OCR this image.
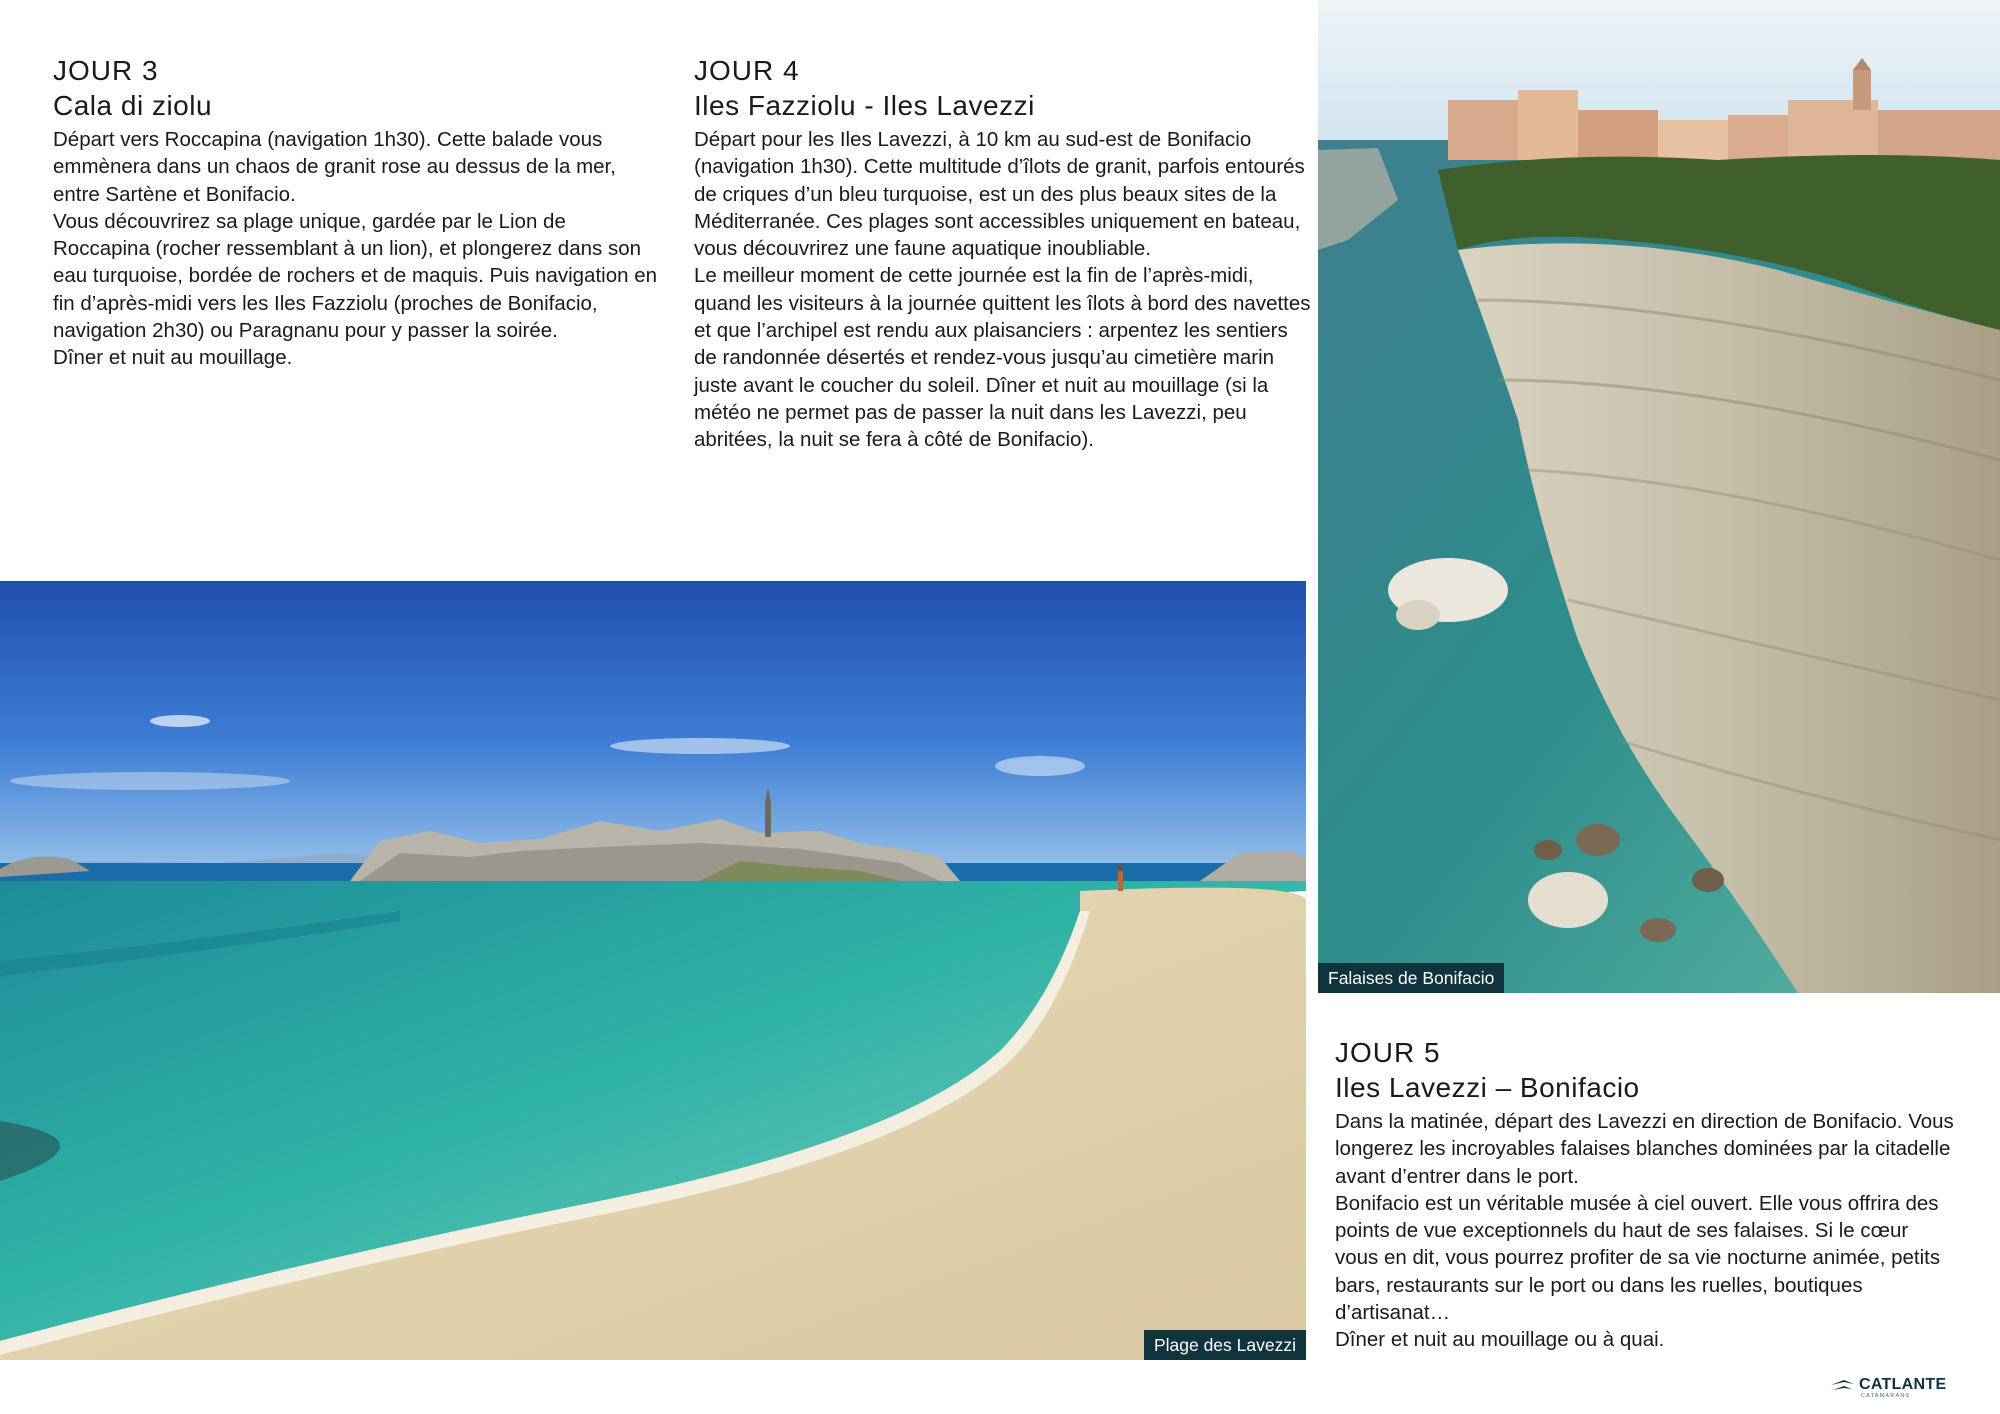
JOUR 3
Cala di ziolu

Départ vers Roccapina (navigation 1h30). Cette balade vous emmènera dans un chaos de granit rose au dessus de la mer, entre Sartène et Bonifacio.

Vous découvrirez sa plage unique, gardée par le Lion de Roccapina (rocher ressemblant à un lion), et plongerez dans son eau turquoise, bordée de rochers et de maquis. Puis navigation en fin d’après-midi vers les Iles Fazziolu (proches de Bonifacio, navigation 2h30) ou Paragnanu pour y passer la soirée.

Dîner et nuit au mouillage.

JOUR 4
Iles Fazziolu - Iles Lavezzi

Départ pour les Iles Lavezzi, à 10 km au sud-est de Bonifacio (navigation 1h30). Cette multitude d’îlots de granit, parfois entourés de criques d’un bleu turquoise, est un des plus beaux sites de la Méditerranée. Ces plages sont accessibles uniquement en bateau, vous découvrirez une faune aquatique inoubliable.

Le meilleur moment de cette journée est la fin de l’après-midi, quand les visiteurs à la journée quittent les îlots à bord des navettes et que l’archipel est rendu aux plaisanciers : arpentez les sentiers de randonnée désertés et rendez-vous jusqu’au cimetière marin juste avant le coucher du soleil. Dîner et nuit au mouillage (si la météo ne permet pas de passer la nuit dans les Lavezzi, peu abritées, la nuit se fera à côté de Bonifacio).

Plage des Lavezzi
Falaises de Bonifacio
JOUR 5
Iles Lavezzi – Bonifacio

Dans la matinée, départ des Lavezzi en direction de Bonifacio. Vous longerez les incroyables falaises blanches dominées par la citadelle avant d’entrer dans le port.

Bonifacio est un véritable musée à ciel ouvert. Elle vous offrira des points de vue exceptionnels du haut de ses falaises. Si le cœur vous en dit, vous pourrez profiter de sa vie nocturne animée, petits bars, restaurants sur le port ou dans les ruelles, boutiques d’artisanat…

Dîner et nuit au mouillage ou à quai.

CATLANTE
CATAMARANS
